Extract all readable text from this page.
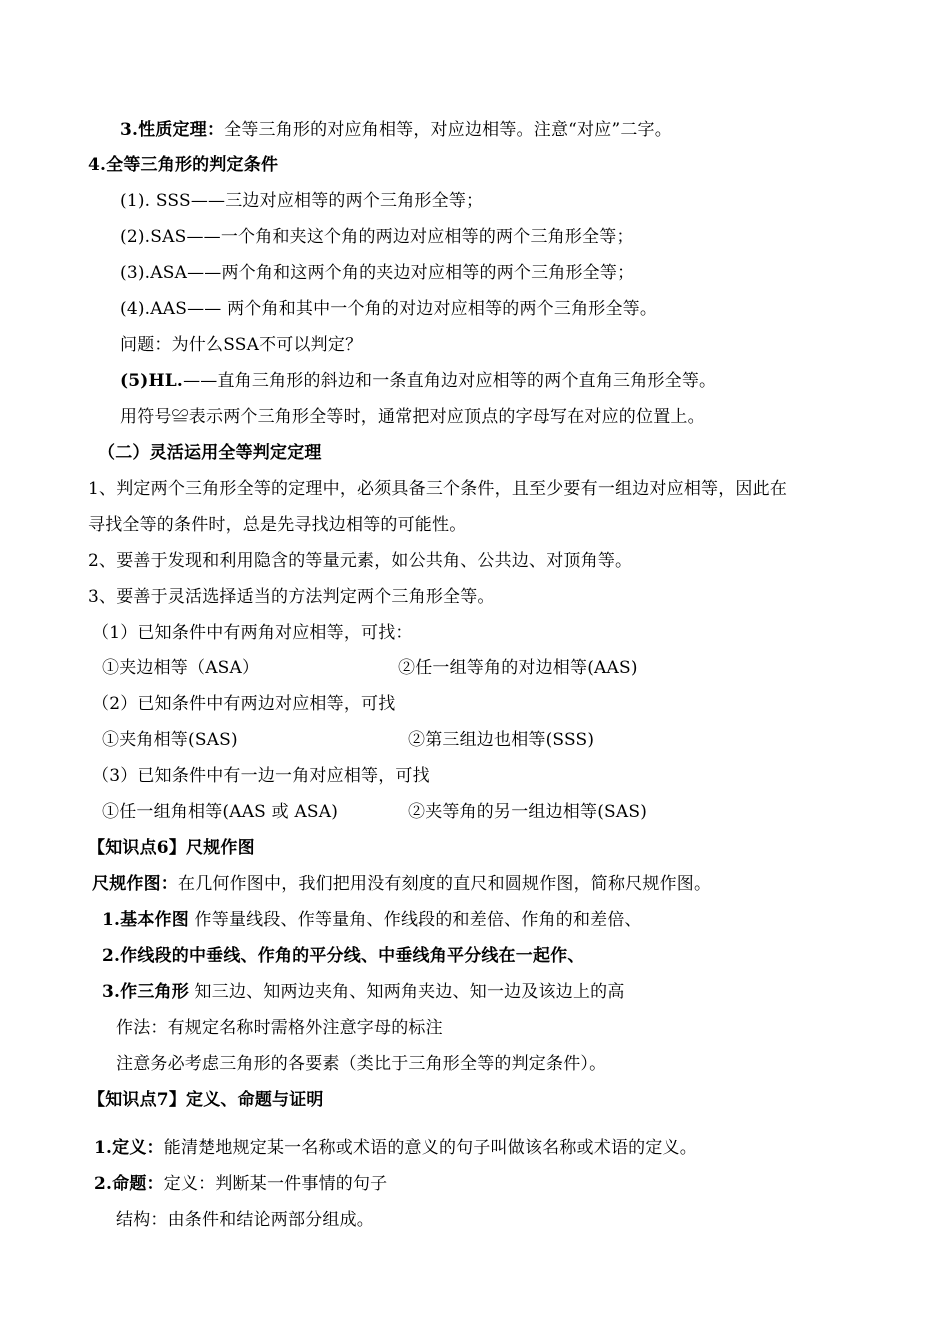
3.性质定理：全等三角形的对应角相等，对应边相等。注意“对应”二字。
4.全等三角形的判定条件
(1). SSS——三边对应相等的两个三角形全等；
(2).SAS——一个角和夹这个角的两边对应相等的两个三角形全等；
(3).ASA——两个角和这两个角的夹边对应相等的两个三角形全等；
(4).AAS—— 两个角和其中一个角的对边对应相等的两个三角形全等。
问题：为什么SSA不可以判定？
(5)HL.——直角三角形的斜边和一条直角边对应相等的两个直角三角形全等。
用符号≌表示两个三角形全等时，通常把对应顶点的字母写在对应的位置上。
（二）灵活运用全等判定定理
1、判定两个三角形全等的定理中，必须具备三个条件，且至少要有一组边对应相等，因此在
寻找全等的条件时，总是先寻找边相等的可能性。
2、要善于发现和利用隐含的等量元素，如公共角、公共边、对顶角等。
3、要善于灵活选择适当的方法判定两个三角形全等。
（1）已知条件中有两角对应相等，可找：
①夹边相等（ASA）	②任一组等角的对边相等(AAS)
（2）已知条件中有两边对应相等，可找
①夹角相等(SAS)	②第三组边也相等(SSS)
（3）已知条件中有一边一角对应相等，可找
①任一组角相等(AAS 或 ASA)	②夹等角的另一组边相等(SAS)
【知识点6】尺规作图
尺规作图：在几何作图中，我们把用没有刻度的直尺和圆规作图，简称尺规作图。
1.基本作图 作等量线段、作等量角、作线段的和差倍、作角的和差倍、
2.作线段的中垂线、作角的平分线、中垂线角平分线在一起作、
3.作三角形 知三边、知两边夹角、知两角夹边、知一边及该边上的高
作法：有规定名称时需格外注意字母的标注
注意务必考虑三角形的各要素（类比于三角形全等的判定条件）。
【知识点7】定义、命题与证明
1.定义：能清楚地规定某一名称或术语的意义的句子叫做该名称或术语的定义。
2.命题：定义：判断某一件事情的句子
结构：由条件和结论两部分组成。
